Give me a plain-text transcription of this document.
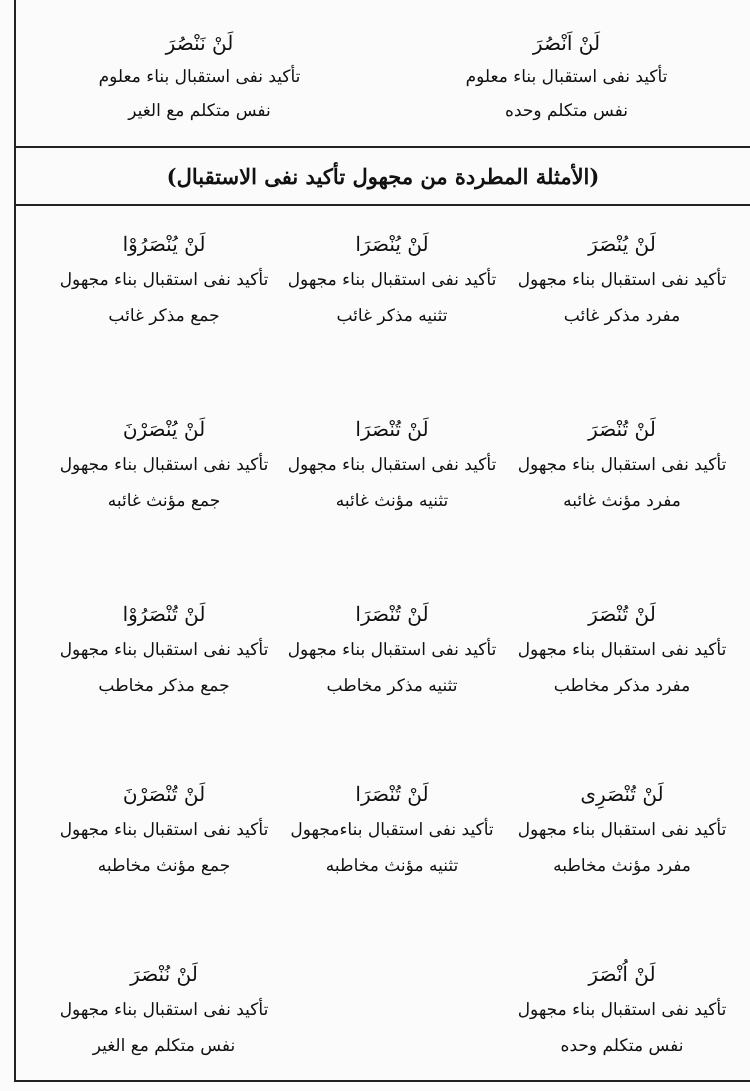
لَنْ اَنْصُرَ
تأکید نفی استقبال بناء معلوم
نفس متکلم وحده
لَنْ نَنْصُرَ
تأکید نفی استقبال بناء معلوم
نفس متکلم مع الغیر
(الأمثلة المطردة من مجهول تأکید نفی الاستقبال)
لَنْ یُنْصَرَ
تأکید نفی استقبال بناء مجهول
مفرد مذکر غائب
لَنْ یُنْصَرَا
تأکید نفی استقبال بناء مجهول
تثنیه مذکر غائب
لَنْ یُنْصَرُوْا
تأکید نفی استقبال بناء مجهول
جمع مذکر غائب
لَنْ تُنْصَرَ
تأکید نفی استقبال بناء مجهول
مفرد مؤنث غائبه
لَنْ تُنْصَرَا
تأکید نفی استقبال بناء مجهول
تثنیه مؤنث غائبه
لَنْ یُنْصَرْنَ
تأکید نفی استقبال بناء مجهول
جمع مؤنث غائبه
لَنْ تُنْصَرَ
تأکید نفی استقبال بناء مجهول
مفرد مذکر مخاطب
لَنْ تُنْصَرَا
تأکید نفی استقبال بناء مجهول
تثنیه مذکر مخاطب
لَنْ تُنْصَرُوْا
تأکید نفی استقبال بناء مجهول
جمع مذکر مخاطب
لَنْ تُنْصَرِی
تأکید نفی استقبال بناء مجهول
مفرد مؤنث مخاطبه
لَنْ تُنْصَرَا
تأکید نفی استقبال بناءمجهول
تثنیه مؤنث مخاطبه
لَنْ تُنْصَرْنَ
تأکید نفی استقبال بناء مجهول
جمع مؤنث مخاطبه
لَنْ اُنْصَرَ
تأکید نفی استقبال بناء مجهول
نفس متکلم وحده
لَنْ نُنْصَرَ
تأکید نفی استقبال بناء مجهول
نفس متکلم مع الغیر
